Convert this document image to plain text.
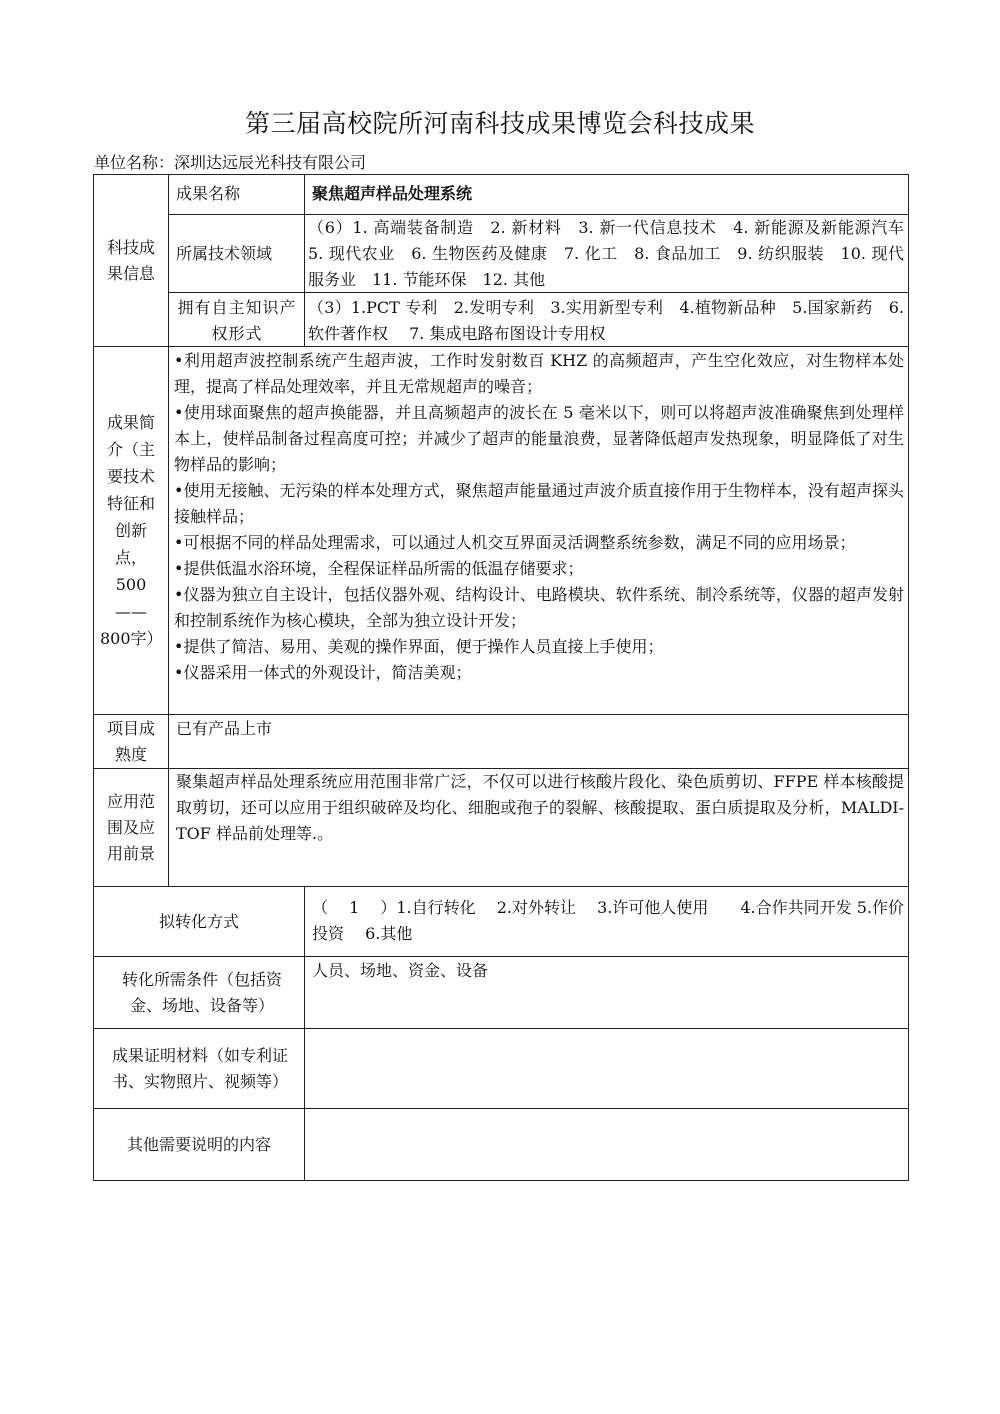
第三届高校院所河南科技成果博览会科技成果
单位名称：深圳达远辰光科技有限公司
科技成果信息
成果名称	聚焦超声样品处理系统
所属技术领域
（6）1. 高端装备制造　2. 新材料　3. 新一代信息技术　4. 新能源及新能源汽车　5. 现代农业　6. 生物医药及健康　7. 化工　8. 食品加工　9. 纺织服装　10. 现代服务业　11. 节能环保　12. 其他
拥有自主知识产权形式
（3）1.PCT 专利　2.发明专利　3.实用新型专利　4.植物新品种　5.国家新药　6.软件著作权　 7. 集成电路布图设计专用权
成果简介（主要技术特征和创新点，500——800字）

•利用超声波控制系统产生超声波，工作时发射数百 KHZ 的高频超声，产生空化效应，对生物样本处理，提高了样品处理效率，并且无常规超声的噪音；

•使用球面聚焦的超声换能器，并且高频超声的波长在 5 毫米以下，则可以将超声波准确聚焦到处理样本上，使样品制备过程高度可控；并减少了超声的能量浪费，显著降低超声发热现象，明显降低了对生物样品的影响；

•使用无接触、无污染的样本处理方式，聚焦超声能量通过声波介质直接作用于生物样本，没有超声探头接触样品；

•可根据不同的样品处理需求，可以通过人机交互界面灵活调整系统参数，满足不同的应用场景；

•提供低温水浴环境，全程保证样品所需的低温存储要求；

•仪器为独立自主设计，包括仪器外观、结构设计、电路模块、软件系统、制冷系统等，仪器的超声发射和控制系统作为核心模块，全部为独立设计开发；

•提供了简洁、易用、美观的操作界面，便于操作人员直接上手使用；

•仪器采用一体式的外观设计，简洁美观；

项目成熟度
已有产品上市
应用范围及应用前景
聚集超声样品处理系统应用范围非常广泛，不仅可以进行核酸片段化、染色质剪切、FFPE 样本核酸提取剪切，还可以应用于组织破碎及均化、细胞或孢子的裂解、核酸提取、蛋白质提取及分析，MALDI-TOF 样品前处理等.。
拟转化方式
（　 1 　）1.自行转化　 2.对外转让　 3.许可他人使用　　4.合作共同开发 5.作价投资　 6.其他
转化所需条件（包括资金、场地、设备等）
人员、场地、资金、设备
成果证明材料（如专利证书、实物照片、视频等）
其他需要说明的内容
